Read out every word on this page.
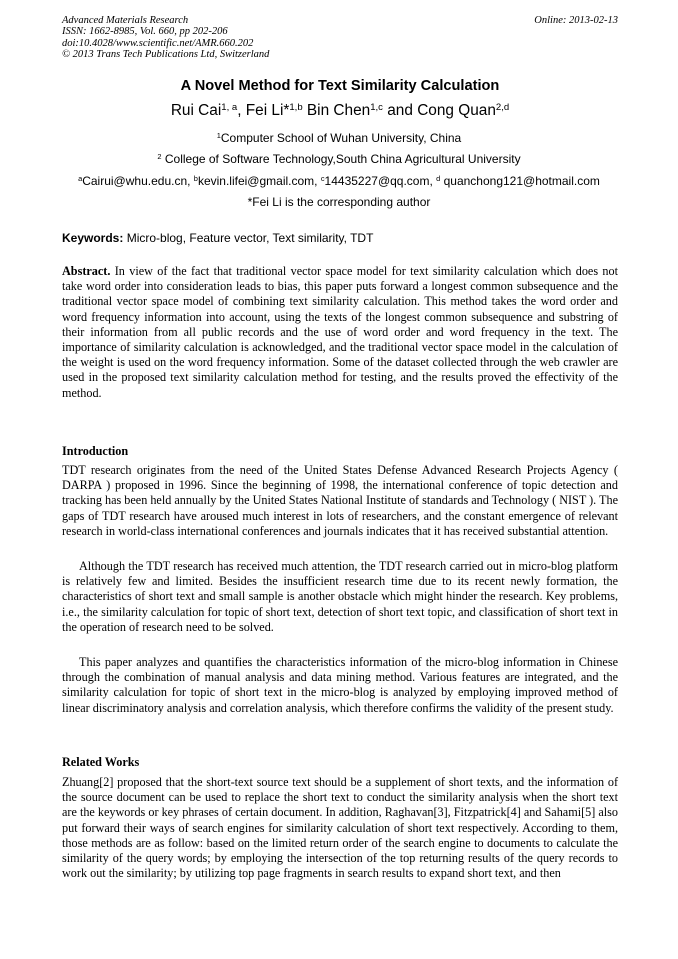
Advanced Materials Research
ISSN: 1662-8985, Vol. 660, pp 202-206
doi:10.4028/www.scientific.net/AMR.660.202
© 2013 Trans Tech Publications Ltd, Switzerland
Online: 2013-02-13
A Novel Method for Text Similarity Calculation
Rui Cai$^{1, a}$, Fei Li*$^{1,b}$ Bin Chen$^{1,c}$ and Cong Quan$^{2,d}$
$^1$Computer School of Wuhan University, China
$^2$ College of Software Technology,South China Agricultural University
$^a$Cairui@whu.edu.cn, $^b$kevin.lifei@gmail.com, $^c$14435227@qq.com, $^d$ quanchong121@hotmail.com
*Fei Li is the corresponding author
Keywords: Micro-blog, Feature vector, Text similarity, TDT

Abstract. In view of the fact that traditional vector space model for text similarity calculation which does not take word order into consideration leads to bias, this paper puts forward a longest common subsequence and the traditional vector space model of combining text similarity calculation. This method takes the word order and word frequency information into account, using the texts of the longest common subsequence and substring of their information from all public records and the use of word order and word frequency in the text. The importance of similarity calculation is acknowledged, and the traditional vector space model in the calculation of the weight is used on the word frequency information. Some of the dataset collected through the web crawler are used in the proposed text similarity calculation method for testing, and the results proved the effectivity of the method.

Introduction

TDT research originates from the need of the United States Defense Advanced Research Projects Agency ( DARPA ) proposed in 1996. Since the beginning of 1998, the international conference of topic detection and tracking has been held annually by the United States National Institute of standards and Technology ( NIST ). The gaps of TDT research have aroused much interest in lots of researchers, and the constant emergence of relevant research in world-class international conferences and journals indicates that it has received substantial attention.

Although the TDT research has received much attention, the TDT research carried out in micro-blog platform is relatively few and limited. Besides the insufficient research time due to its recent newly formation, the characteristics of short text and small sample is another obstacle which might hinder the research. Key problems, i.e., the similarity calculation for topic of short text, detection of short text topic, and classification of short text in the operation of research need to be solved.

This paper analyzes and quantifies the characteristics information of the micro-blog information in Chinese through the combination of manual analysis and data mining method. Various features are integrated, and the similarity calculation for topic of short text in the micro-blog is analyzed by employing improved method of linear discriminatory analysis and correlation analysis, which therefore confirms the validity of the present study.

Related Works

Zhuang[2] proposed that the short-text source text should be a supplement of short texts, and the information of the source document can be used to replace the short text to conduct the similarity analysis when the short text are the keywords or key phrases of certain document. In addition, Raghavan[3], Fitzpatrick[4] and Sahami[5] also put forward their ways of search engines for similarity calculation of short text respectively. According to them, those methods are as follow: based on the limited return order of the search engine to documents to calculate the similarity of the query words; by employing the intersection of the top returning results of the query records to work out the similarity; by utilizing top page fragments in search results to expand short text, and then
